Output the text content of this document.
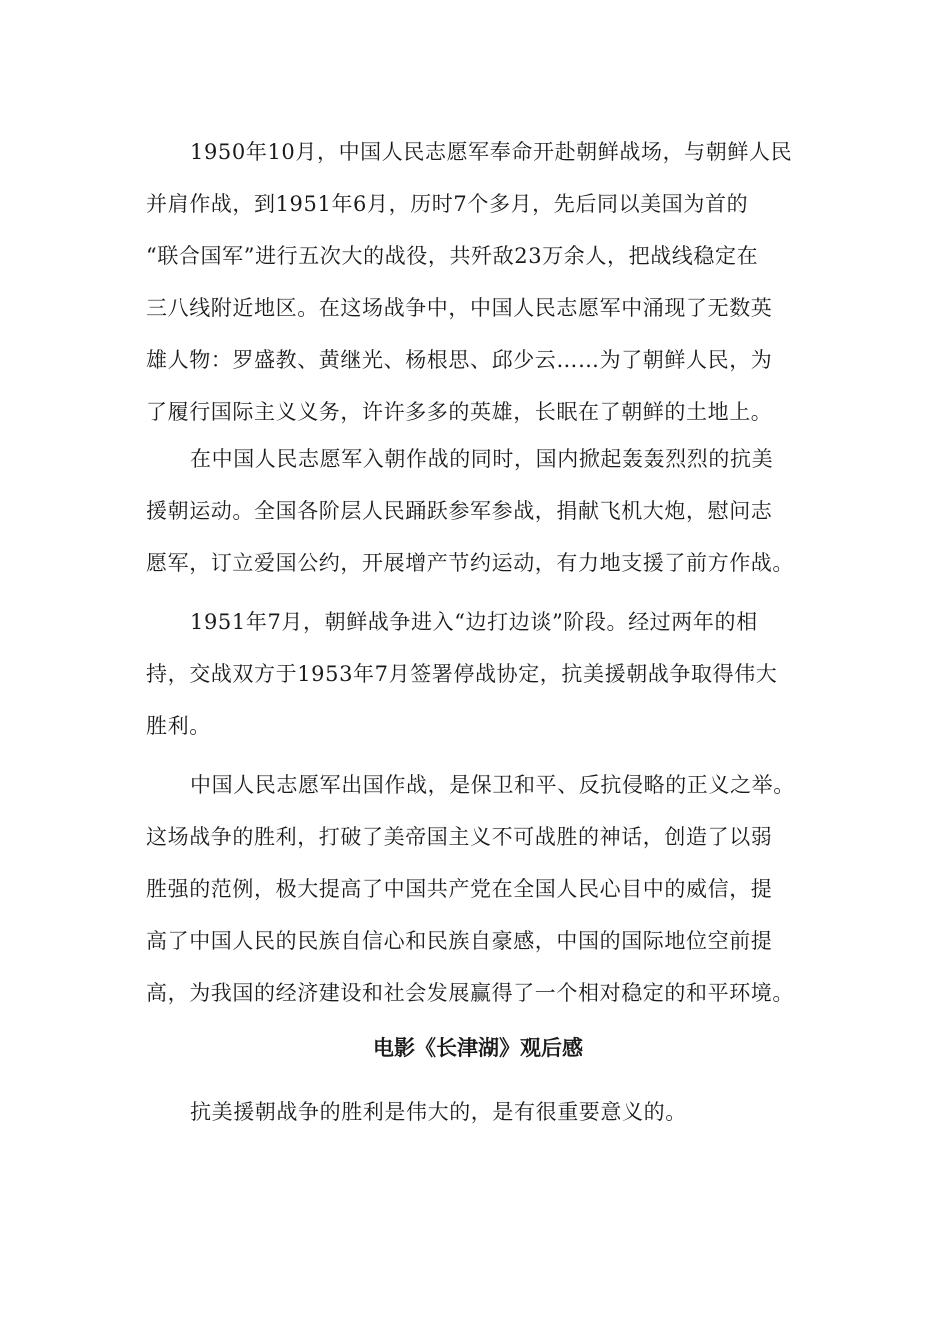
1950年10月，中国人民志愿军奉命开赴朝鲜战场，与朝鲜人民

并肩作战，到1951年6月，历时7个多月，先后同以美国为首的

“联合国军”进行五次大的战役，共歼敌23万余人，把战线稳定在

三八线附近地区。在这场战争中，中国人民志愿军中涌现了无数英

雄人物：罗盛教、黄继光、杨根思、邱少云……为了朝鲜人民，为

了履行国际主义义务，许许多多的英雄，长眠在了朝鲜的土地上。

在中国人民志愿军入朝作战的同时，国内掀起轰轰烈烈的抗美

援朝运动。全国各阶层人民踊跃参军参战，捐献飞机大炮，慰问志

愿军，订立爱国公约，开展增产节约运动，有力地支援了前方作战。

1951年7月，朝鲜战争进入“边打边谈”阶段。经过两年的相

持，交战双方于1953年7月签署停战协定，抗美援朝战争取得伟大

胜利。

中国人民志愿军出国作战，是保卫和平、反抗侵略的正义之举。

这场战争的胜利，打破了美帝国主义不可战胜的神话，创造了以弱

胜强的范例，极大提高了中国共产党在全国人民心目中的威信，提

高了中国人民的民族自信心和民族自豪感，中国的国际地位空前提

高，为我国的经济建设和社会发展赢得了一个相对稳定的和平环境。

电影《长津湖》观后感

抗美援朝战争的胜利是伟大的，是有很重要意义的。
